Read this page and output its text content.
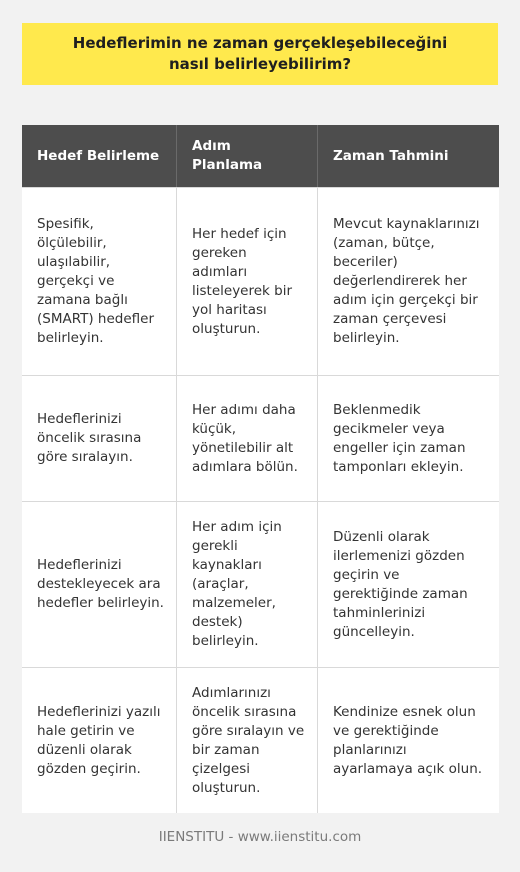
Hedeflerimin ne zaman gerçekleşebileceğini nasıl belirleyebilirim?
Hedef Belirleme
Adım Planlama
Zaman Tahmini
Spesifik, ölçülebilir, ulaşılabilir, gerçekçi ve zamana bağlı (SMART) hedefler belirleyin.
Her hedef için gereken adımları listeleyerek bir yol haritası oluşturun.
Mevcut kaynaklarınızı (zaman, bütçe, beceriler) değerlendirerek her adım için gerçekçi bir zaman çerçevesi belirleyin.
Hedeflerinizi öncelik sırasına göre sıralayın.
Her adımı daha küçük, yönetilebilir alt adımlara bölün.
Beklenmedik gecikmeler veya engeller için zaman tamponları ekleyin.
Hedeflerinizi destekleyecek ara hedefler belirleyin.
Her adım için gerekli kaynakları (araçlar, malzemeler, destek) belirleyin.
Düzenli olarak ilerlemenizi gözden geçirin ve gerektiğinde zaman tahminlerinizi güncelleyin.
Hedeflerinizi yazılı hale getirin ve düzenli olarak gözden geçirin.
Adımlarınızı öncelik sırasına göre sıralayın ve bir zaman çizelgesi oluşturun.
Kendinize esnek olun ve gerektiğinde planlarınızı ayarlamaya açık olun.
IIENSTITU - www.iienstitu.com
